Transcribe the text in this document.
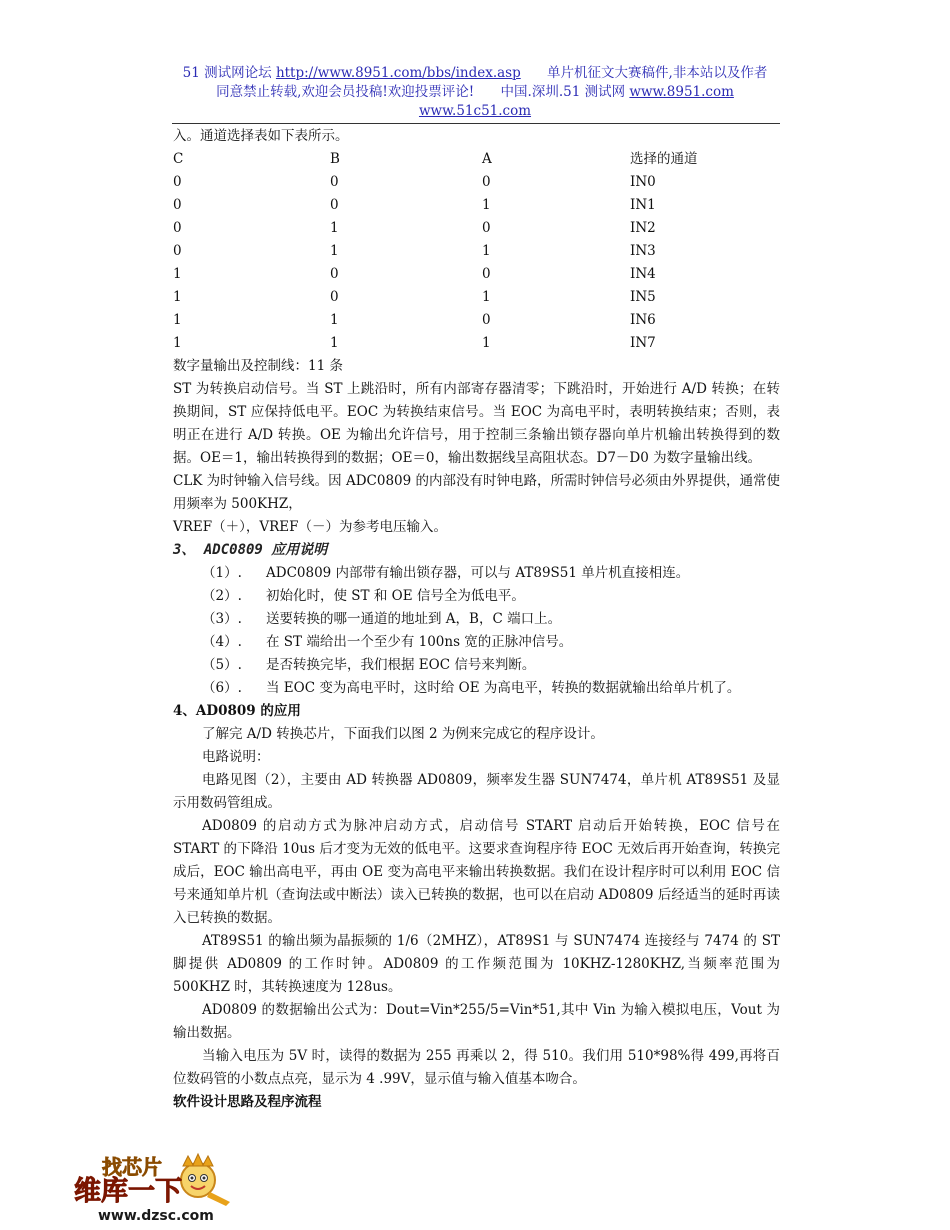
51 测试网论坛 http://www.8951.com/bbs/index.asp 单片机征文大赛稿件,非本站以及作者
同意禁止转载,欢迎会员投稿!欢迎投票评论! 中国.深圳.51 测试网 www.8951.com
www.51c51.com

入。通道选择表如下表所示。

C	B	A	选择的通道
0	0	0	IN0
0	0	1	IN1
0	1	0	IN2
0	1	1	IN3
1	0	0	IN4
1	0	1	IN5
1	1	0	IN6
1	1	1	IN7

数字量输出及控制线：11 条

ST 为转换启动信号。当 ST 上跳沿时，所有内部寄存器清零；下跳沿时，开始进行 A/D 转换；在转换期间，ST 应保持低电平。EOC 为转换结束信号。当 EOC 为高电平时，表明转换结束；否则，表明正在进行 A/D 转换。OE 为输出允许信号，用于控制三条输出锁存器向单片机输出转换得到的数据。OE＝1，输出转换得到的数据；OE＝0，输出数据线呈高阻状态。D7－D0 为数字量输出线。

CLK 为时钟输入信号线。因 ADC0809 的内部没有时钟电路，所需时钟信号必须由外界提供，通常使用频率为 500KHZ，

VREF（＋），VREF（－）为参考电压输入。

3、 ADC0809 应用说明

（1）. ADC0809 内部带有输出锁存器，可以与 AT89S51 单片机直接相连。
（2）. 初始化时，使 ST 和 OE 信号全为低电平。
（3）. 送要转换的哪一通道的地址到 A，B，C 端口上。
（4）. 在 ST 端给出一个至少有 100ns 宽的正脉冲信号。
（5）. 是否转换完毕，我们根据 EOC 信号来判断。
（6）. 当 EOC 变为高电平时，这时给 OE 为高电平，转换的数据就输出给单片机了。

4、AD0809 的应用

了解完 A/D 转换芯片，下面我们以图 2 为例来完成它的程序设计。

电路说明：

电路见图（2），主要由 AD 转换器 AD0809，频率发生器 SUN7474，单片机 AT89S51 及显示用数码管组成。

AD0809 的启动方式为脉冲启动方式，启动信号 START 启动后开始转换，EOC 信号在 START 的下降沿 10us 后才变为无效的低电平。这要求查询程序待 EOC 无效后再开始查询，转换完成后，EOC 输出高电平，再由 OE 变为高电平来输出转换数据。我们在设计程序时可以利用 EOC 信号来通知单片机（查询法或中断法）读入已转换的数据，也可以在启动 AD0809 后经适当的延时再读入已转换的数据。

AT89S51 的输出频为晶振频的 1/6（2MHZ），AT89S1 与 SUN7474 连接经与 7474 的 ST 脚提供 AD0809 的工作时钟。AD0809 的工作频范围为 10KHZ-1280KHZ,当频率范围为 500KHZ 时，其转换速度为 128us。

AD0809 的数据输出公式为：Dout=Vin*255/5=Vin*51,其中 Vin 为输入模拟电压，Vout 为输出数据。

当输入电压为 5V 时，读得的数据为 255 再乘以 2，得 510。我们用 510*98%得 499,再将百位数码管的小数点点亮，显示为 4 .99V，显示值与输入值基本吻合。

软件设计思路及程序流程

找芯片
维库一下
www.dzsc.com
